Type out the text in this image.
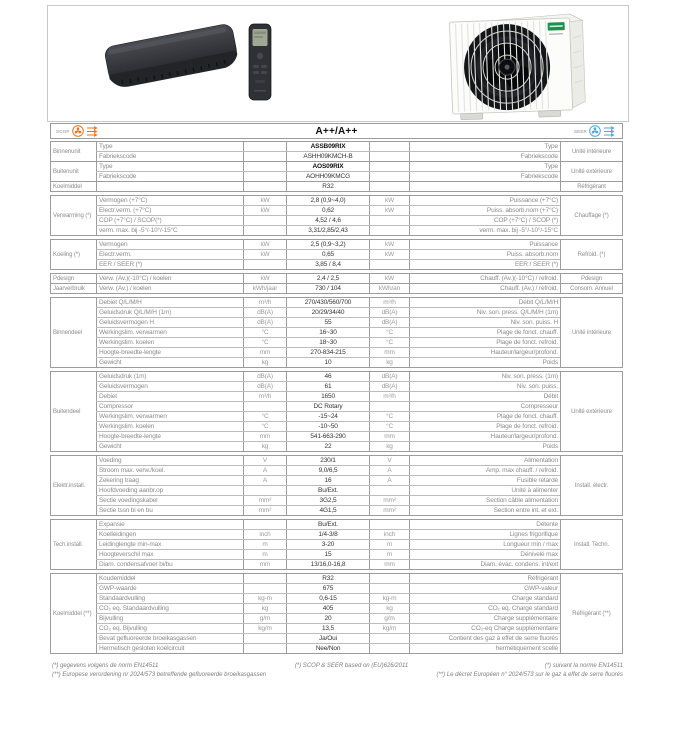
A++/A++
SCOP	SEER
Binnenunit
Type	ASSB09RIX	Type
Fabriekscode	ASHH09KMCH-B	Fabriekscode
Unité intérieure
Buitenunit
Type	AOS09RIX	Type
Fabriekscode	AOHH09KMCG	Fabriekscode
Unité extérieure
Koelmiddel	R32	Réfrigérant
Verwarming (*)
Vermogen (+7°C)	kW	2,8 (0,9~4,0)	kW	Puissance (+7°C)
Electr.verm. (+7°C)	kW	0,62	kW	Puiss. absorb.nom (+7°C)
COP (+7°C) / SCOP(*)	4,52 / 4,6	COP (+7°C) / SCOP (*)
verm. max. bij -5°/-10°/-15°C	3,31/2,85/2,43	verm. max. bij -5°/-10°/-15°C
Chauffage (*)
Koeling (*)
Vermogen	kW	2,5 (0,9~3,2)	kW	Puissance
Electr.verm.	kW	0,65	kW	Puiss. absorb.nom
EER / SEER (*)	3,85 / 8,4	EER / SEER (*)
Refroid. (*)
Pdesign	Verw. (Av.)(-10°C) / koelen	kW	2,4 / 2,5	kW	Chauff. (Av.)(-10°C) / refroid.	Pdesign
Jaarverbruik	Verw. (Av.) / koelen	kWh/jaar	730 / 104	kWh/an	Chauff. (Av.) / refroid.	Consom. Annuel
Binnendeel
Debiet Q/L/M/H	m³/h	270/430/560/700	m³/h	Débit Q/L/M/H
Geluidsdruk Q/L/M/H (1m)	dB(A)	20/29/34/40	dB(A)	Niv. son. press. Q/L/M/H (1m)
Geluidsvermogen H	dB(A)	55	dB(A)	Niv. son. puiss. H
Werkingslim. verwarmen	°C	16~30	°C	Plage de fonct. chauff.
Werkingslim. koelen	°C	18~30	°C	Plage de fonct. refroid.
Hoogte-breedte-lengte	mm	270-834-215	mm	Hauteur/largeur/profond.
Gewicht	kg	10	kg	Poids
Unité intérieure
Buitendeel
Geluidsdruk (1m)	dB(A)	46	dB(A)	Niv. son. press. (1m)
Geluidsvermogen	dB(A)	61	dB(A)	Niv. son. puiss.
Debiet	m³/h	1650	m³/h	Débit
Compressor	DC Rotary	Compresseur
Werkingslim. verwarmen	°C	-15~24	°C	Plage de fonct. chauff.
Werkingslim. koelen	°C	-10~50	°C	Plage de fonct. refroid.
Hoogte-breedte-lengte	mm	541-663-290	mm	Hauteur/largeur/profond.
Gewicht	kg	22	kg	Poids
Unité extérieure
Elektr.install.
Voeding	V	230/1	V	Alimentation
Stroom max. verw./koel.	A	9,0/6,5	A	Amp. max chauff. / refroid.
Zekering traag	A	16	A	Fusible retardé
Hoofdvoeding aanbr.op	Bu/Ext.	Unité à alimenter
Sectie voedingskabel	mm²	3G2,5	mm²	Section câble alimentation
Sectie tssn bi en bu	mm²	4G1,5	mm²	Section entre int. et ext.
Install. électr.
Tech.install.
Expansie	Bu/Ext.	Détente
Koelleidingen	inch	1/4-3/8	inch	Lignes frigorifique
Leidinglengte min-max	m	3-20	m	Longueur min / max
Hoogteverschil max	m	15	m	Dénivelé max
Diam. condensafvoer bi/bu	mm	13/16,0-16,8	mm	Diam. évac. condens. int/ext
Install. Techn.
Koelmiddel (**)
Koudemiddel	R32	Réfrigérant
GWP-waarde	675	GWP-valeur
Standaardvulling	kg-m	0,6-15	kg-m	Charge standard
CO₂ eq. Standaardvulling	kg	405	kg	CO₂ eq. Charge standard
Bijvulling	g/m	20	g/m	Charge supplémentaire
CO₂ eq. Bijvulling	kg/m	13,5	kg/m	CO₂-eq Charge supplémentaire
Bevat gefluoreerde broeikasgassen	Ja/Oui	Contient des gaz à effet de serre fluorés
Hermetisch gesloten koelcircuit	Nee/Non	hermétiquement scellé
Réfrigérant (**)
(*) gegevens volgens de norm EN14511	(*) SCOP & SEER based on (EU)626/2011	(*) suivant la norme EN14511
(**) Europese verordening nr 2024/573 betreffende gefluoreerde broeikasgassen	(**) Le décret Européen n° 2024/573 sur le gaz à effet de serre fluorés
